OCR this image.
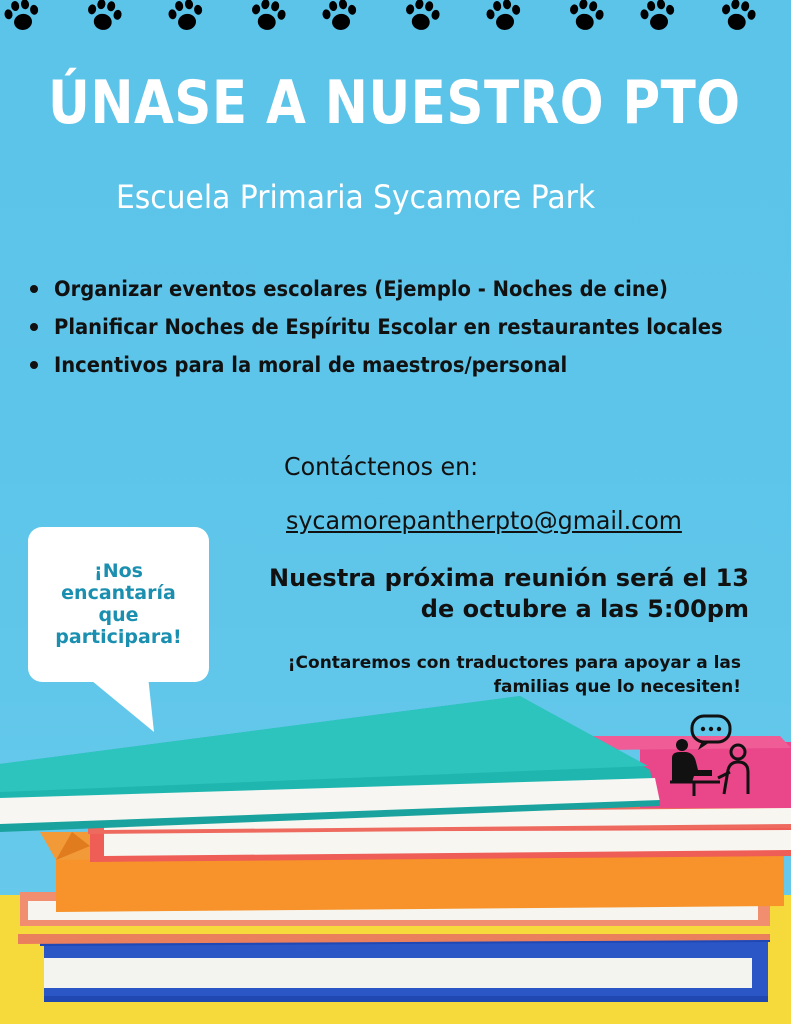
ÚNASE A NUESTRO PTO
Escuela Primaria Sycamore Park
Organizar eventos escolares (Ejemplo - Noches de cine)
Planificar Noches de Espíritu Escolar en restaurantes locales
Incentivos para la moral de maestros/personal
Contáctenos en:
sycamorepantherpto@gmail.com
Nuestra próxima reunión será el 13
de octubre a las 5:00pm
¡Contaremos con traductores para apoyar a las
familias que lo necesiten!
¡Nos
encantaría
que
participara!
